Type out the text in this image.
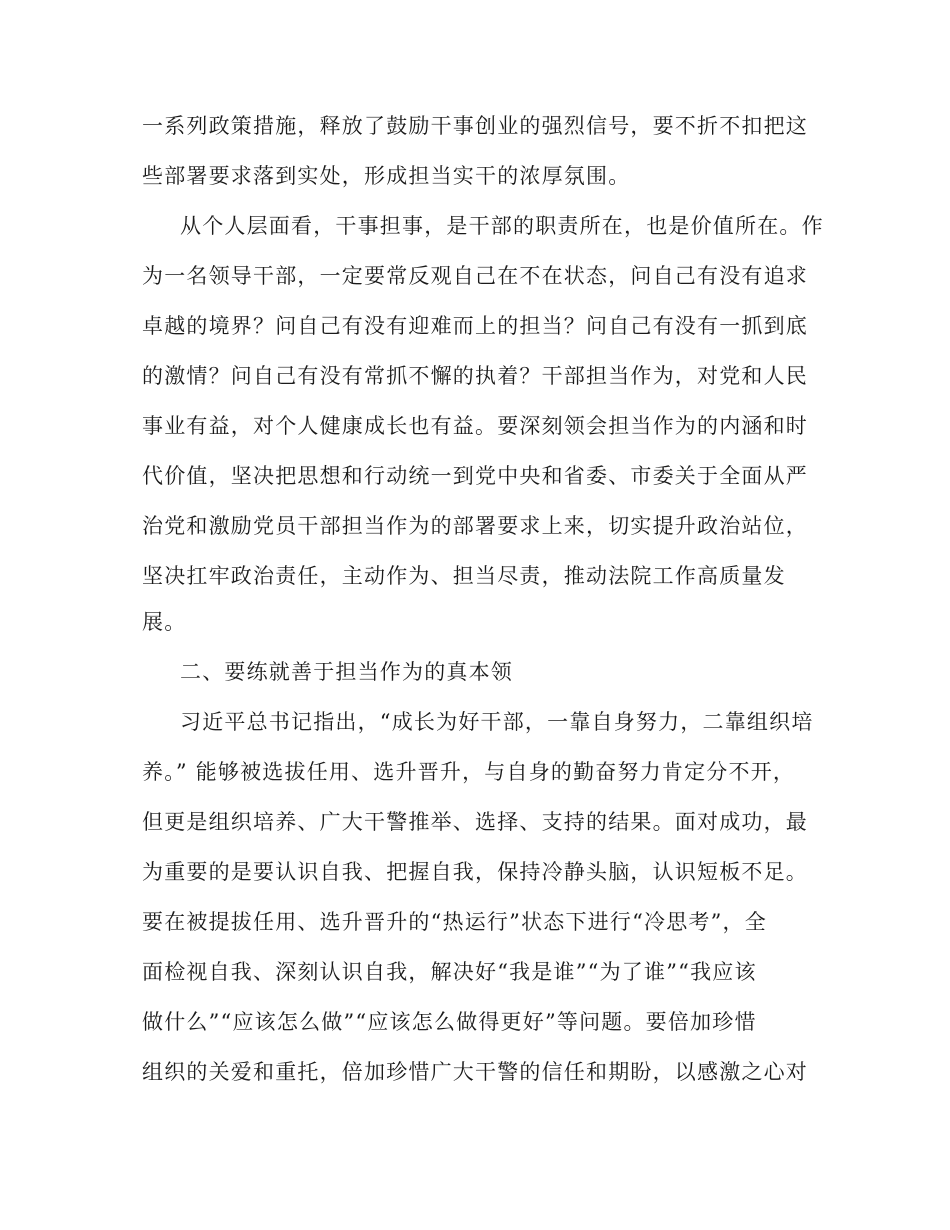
一系列政策措施，释放了鼓励干事创业的强烈信号，要不折不扣把这
些部署要求落到实处，形成担当实干的浓厚氛围。
从个人层面看，干事担事，是干部的职责所在，也是价值所在。作
为一名领导干部，一定要常反观自己在不在状态，问自己有没有追求
卓越的境界？问自己有没有迎难而上的担当？问自己有没有一抓到底
的激情？问自己有没有常抓不懈的执着？干部担当作为，对党和人民
事业有益，对个人健康成长也有益。要深刻领会担当作为的内涵和时
代价值，坚决把思想和行动统一到党中央和省委、市委关于全面从严
治党和激励党员干部担当作为的部署要求上来，切实提升政治站位，
坚决扛牢政治责任，主动作为、担当尽责，推动法院工作高质量发
展。
二、要练就善于担当作为的真本领
习近平总书记指出，“成长为好干部，一靠自身努力，二靠组织培
养。” 能够被选拔任用、选升晋升，与自身的勤奋努力肯定分不开，
但更是组织培养、广大干警推举、选择、支持的结果。面对成功，最
为重要的是要认识自我、把握自我，保持冷静头脑，认识短板不足。
要在被提拔任用、选升晋升的“热运行”状态下进行“冷思考”，全
面检视自我、深刻认识自我，解决好“我是谁”“为了谁”“我应该
做什么”“应该怎么做”“应该怎么做得更好”等问题。要倍加珍惜
组织的关爱和重托，倍加珍惜广大干警的信任和期盼，以感激之心对
